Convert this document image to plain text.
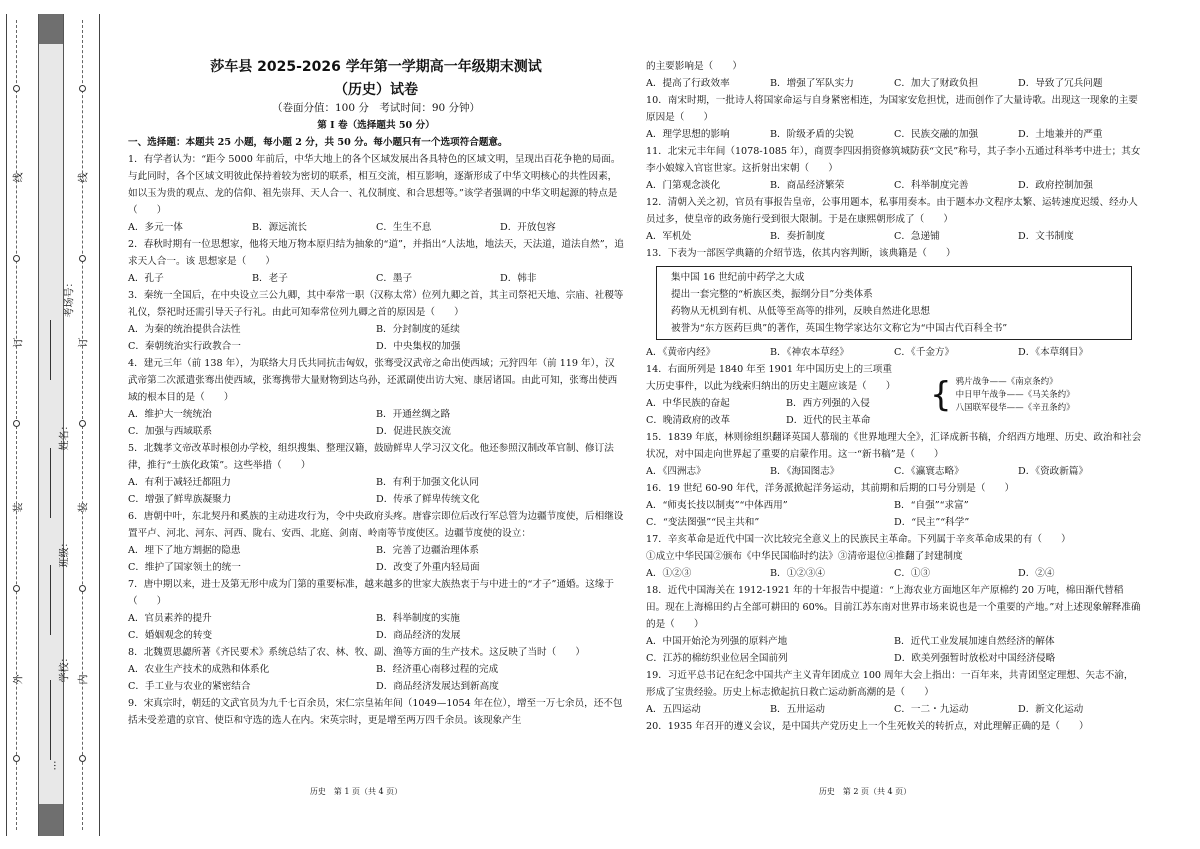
考场号：
姓名：
班级：
学校：
外
装
订
线
内
装
订
线
…

莎车县 2025-2026 学年第一学期高一年级期末测试

（历史）试卷

（卷面分值：100 分　考试时间：90 分钟）

第 I 卷（选择题共 50 分）

一、选择题：本题共 25 小题，每小题 2 分，共 50 分。每小题只有一个选项符合题意。

1．有学者认为：“距今 5000 年前后，中华大地上的各个区域发展出各具特色的区域文明，呈现出百花争艳的局面。与此同时，各个区域文明彼此保持着较为密切的联系，相互交流，相互影响，逐渐形成了中华文明核心的共性因素，如以玉为贵的观点、龙的信仰、祖先崇拜、天人合一、礼仪制度、和合思想等。”该学者强调的中华文明起源的特点是（　　）

A．多元一体	B．源远流长	C．生生不息	D．开放包容

2．春秋时期有一位思想家，他将天地万物本原归结为抽象的“道”，并指出“人法地，地法天，天法道，道法自然”，追求天人合一。该 思想家是（　　）

A．孔子	B．老子	C．墨子	D．韩非

3．秦统一全国后，在中央设立三公九卿，其中奉常一职（汉称太常）位列九卿之首，其主司祭祀天地、宗庙、社稷等礼仪，祭祀时还需引导天子行礼。由此可知奉常位列九卿之首的原因是（　　）

A．为秦的统治提供合法性	B．分封制度的延续
C．秦朝统治实行政教合一	D．中央集权的加强

4．建元三年（前 138 年），为联络大月氏共同抗击匈奴，张骞受汉武帝之命出使西域；元狩四年（前 119 年），汉武帝第二次派遣张骞出使西域，张骞携带大量财物到达乌孙，还派副使出访大宛、康居诸国。由此可知，张骞出使西域的根本目的是（　　）

A．维护大一统统治	B．开通丝绸之路
C．加强与西域联系	D．促进民族交流

5．北魏孝文帝改革时根创办学校，组织搜集、整理汉籍，鼓励鲜卑人学习汉文化。他还参照汉制改革官制、修订法律，推行“士族化政策”。这些举措（　　）

A．有利于减轻迁都阻力	B．有利于加强文化认同
C．增强了鲜卑族凝聚力	D．传承了鲜卑传统文化

6．唐朝中叶，东北契丹和奚族的主动进攻行为，令中央政府头疼。唐睿宗即位后改行军总管为边疆节度使，后相继设置平卢、河北、河东、河西、陇右、安西、北庭、剑南、岭南等节度使区。边疆节度使的设立：

A．埋下了地方割据的隐患	B．完善了边疆治理体系
C．维护了国家领土的统一	D．改变了外重内轻局面

7．唐中期以来，进士及第无形中成为门第的重要标准，越来越多的世家大族热衷于与中进士的“才子”通婚。这缘于（　　）

A．官员素养的提升	B．科举制度的实施
C．婚姻观念的转变	D．商品经济的发展

8．北魏贾思勰所著《齐民要术》系统总结了农、林、牧、副、渔等方面的生产技术。这反映了当时（　　）

A．农业生产技术的成熟和体系化	B．经济重心南移过程的完成
C．手工业与农业的紧密结合	D．商品经济发展达到新高度

9．宋真宗时，朝廷的文武官员为九千七百余员，宋仁宗皇祐年间（1049—1054 年在位），增至一万七余员，还不包括未受差遣的京官、使臣和守选的选人在内。宋英宗时，更是增至两万四千余员。该现象产生

的主要影响是（　　）

A．提高了行政效率	B．增强了军队实力	C．加大了财政负担	D．导致了冗兵问题

10．南宋时期，一批诗人将国家命运与自身紧密相连，为国家安危担忧，进而创作了大量诗歌。出现这一现象的主要原因是（　　）

A．理学思想的影响	B．阶级矛盾的尖锐	C．民族交融的加强	D．土地兼并的严重

11．北宋元丰年间（1078-1085 年），商贾李四因捐资修筑城防获“文民”称号，其子李小五通过科举考中进士；其女李小娘嫁入官宦世家。这折射出宋朝（　　）

A．门第观念淡化	B．商品经济繁荣	C．科举制度完善	D．政府控制加强

12．清朝入关之初，官员有事报告皇帝，公事用题本，私事用奏本。由于题本办文程序太繁、运转速度迟缓、经办人员过多，使皇帝的政务施行受到很大限制。于是在康熙朝形成了（　　）

A．军机处	B．奏折制度	C．急递铺	D．文书制度

13．下表为一部医学典籍的介绍节选，依其内容判断，该典籍是（　　）

集中国 16 世纪前中药学之大成
提出一套完整的“析族区类，振纲分目”分类体系
药物从无机到有机、从低等至高等的排列，反映自然进化思想
被誉为“东方医药巨典”的著作，英国生物学家达尔文称它为“中国古代百科全书”
A．《黄帝内经》	B．《神农本草经》	C．《千金方》	D．《本草纲目》

14．右面所列是 1840 年至 1901 年中国历史上的三项重

大历史事件，以此为线索归纳出的历史主题应该是（　　）

A．中华民族的奋起	B．西方列强的入侵
C．晚清政府的改革	D．近代的民主革命
{ 鸦片战争——《南京条约》
中日甲午战争——《马关条约》
八国联军侵华——《辛丑条约》

15．1839 年底，林则徐组织翻译英国人慕瑞的《世界地理大全》，汇译成新书稿，介绍西方地理、历史、政治和社会状况，对中国走向世界起了重要的启蒙作用。这一“新书稿”是（　　）

A．《四洲志》	B．《海国图志》	C．《瀛寰志略》	D．《资政新篇》

16．19 世纪 60-90 年代，洋务派掀起洋务运动，其前期和后期的口号分别是（　　）

A．“师夷长技以制夷”“中体西用”	B．“自强”“求富”
C．“变法图强”“民主共和”	D．“民主”“科学”

17．辛亥革命是近代中国一次比较完全意义上的民族民主革命。下列属于辛亥革命成果的有（　　）

①成立中华民国②颁布《中华民国临时约法》③清帝退位④推翻了封建制度

A．①②③	B．①②③④	C．①③	D．②④

18．近代中国海关在 1912-1921 年的十年报告中提道：“上海农业方面地区年产原棉约 20 万吨，棉田渐代替稻田。现在上海棉田约占全部可耕田的 60%。目前江苏东南对世界市场来说也是一个重要的产地。”对上述现象解释准确的是（　　）

A．中国开始沦为列强的原料产地	B．近代工业发展加速自然经济的解体
C．江苏的棉纺织业位居全国前列	D．欧美列强暂时放松对中国经济侵略

19．习近平总书记在纪念中国共产主义青年团成立 100 周年大会上指出：一百年来，共青团坚定理想、矢志不渝，形成了宝贵经验。历史上标志掀起抗日救亡运动新高潮的是（　　）

A．五四运动	B．五卅运动	C．一二・九运动	D．新文化运动

20．1935 年召开的遵义会议，是中国共产党历史上一个生死攸关的转折点，对此理解正确的是（　　）

历史　第 1 页（共 4 页）	历史　第 2 页（共 4 页）
